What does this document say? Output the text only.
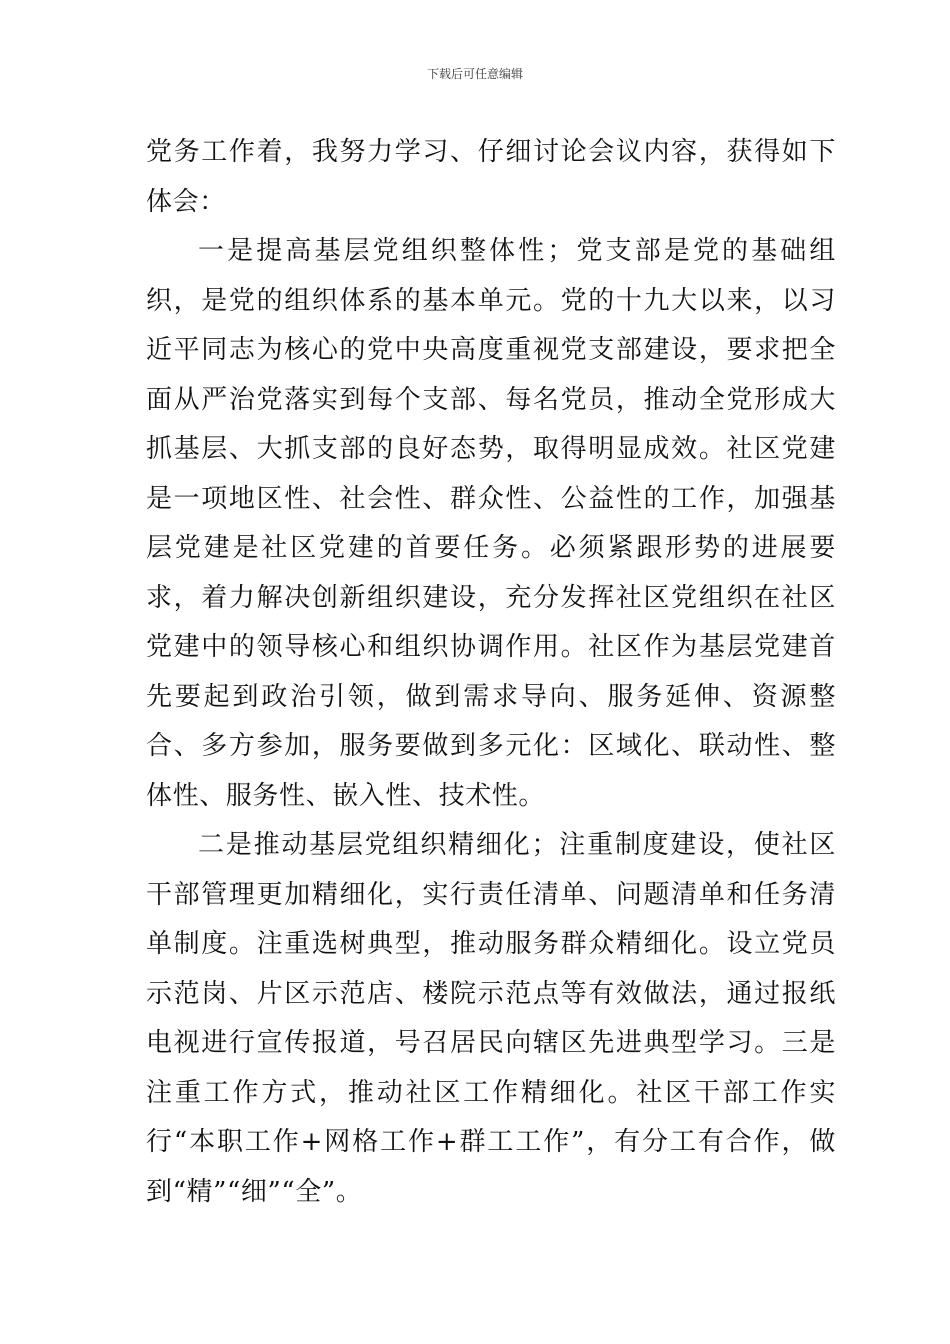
下载后可任意编辑

党务工作着，我努力学习、仔细讨论会议内容，获得如下体会：

一是提高基层党组织整体性；党支部是党的基础组织，是党的组织体系的基本单元。党的十九大以来，以习近平同志为核心的党中央高度重视党支部建设，要求把全面从严治党落实到每个支部、每名党员，推动全党形成大抓基层、大抓支部的良好态势，取得明显成效。社区党建是一项地区性、社会性、群众性、公益性的工作，加强基层党建是社区党建的首要任务。必须紧跟形势的进展要求，着力解决创新组织建设，充分发挥社区党组织在社区党建中的领导核心和组织协调作用。社区作为基层党建首先要起到政治引领，做到需求导向、服务延伸、资源整合、多方参加，服务要做到多元化：区域化、联动性、整体性、服务性、嵌入性、技术性。

二是推动基层党组织精细化；注重制度建设，使社区干部管理更加精细化，实行责任清单、问题清单和任务清单制度。注重选树典型，推动服务群众精细化。设立党员示范岗、片区示范店、楼院示范点等有效做法，通过报纸电视进行宣传报道，号召居民向辖区先进典型学习。三是注重工作方式，推动社区工作精细化。社区干部工作实行“本职工作+网格工作+群工工作”，有分工有合作，做到“精”“细”“全”。
